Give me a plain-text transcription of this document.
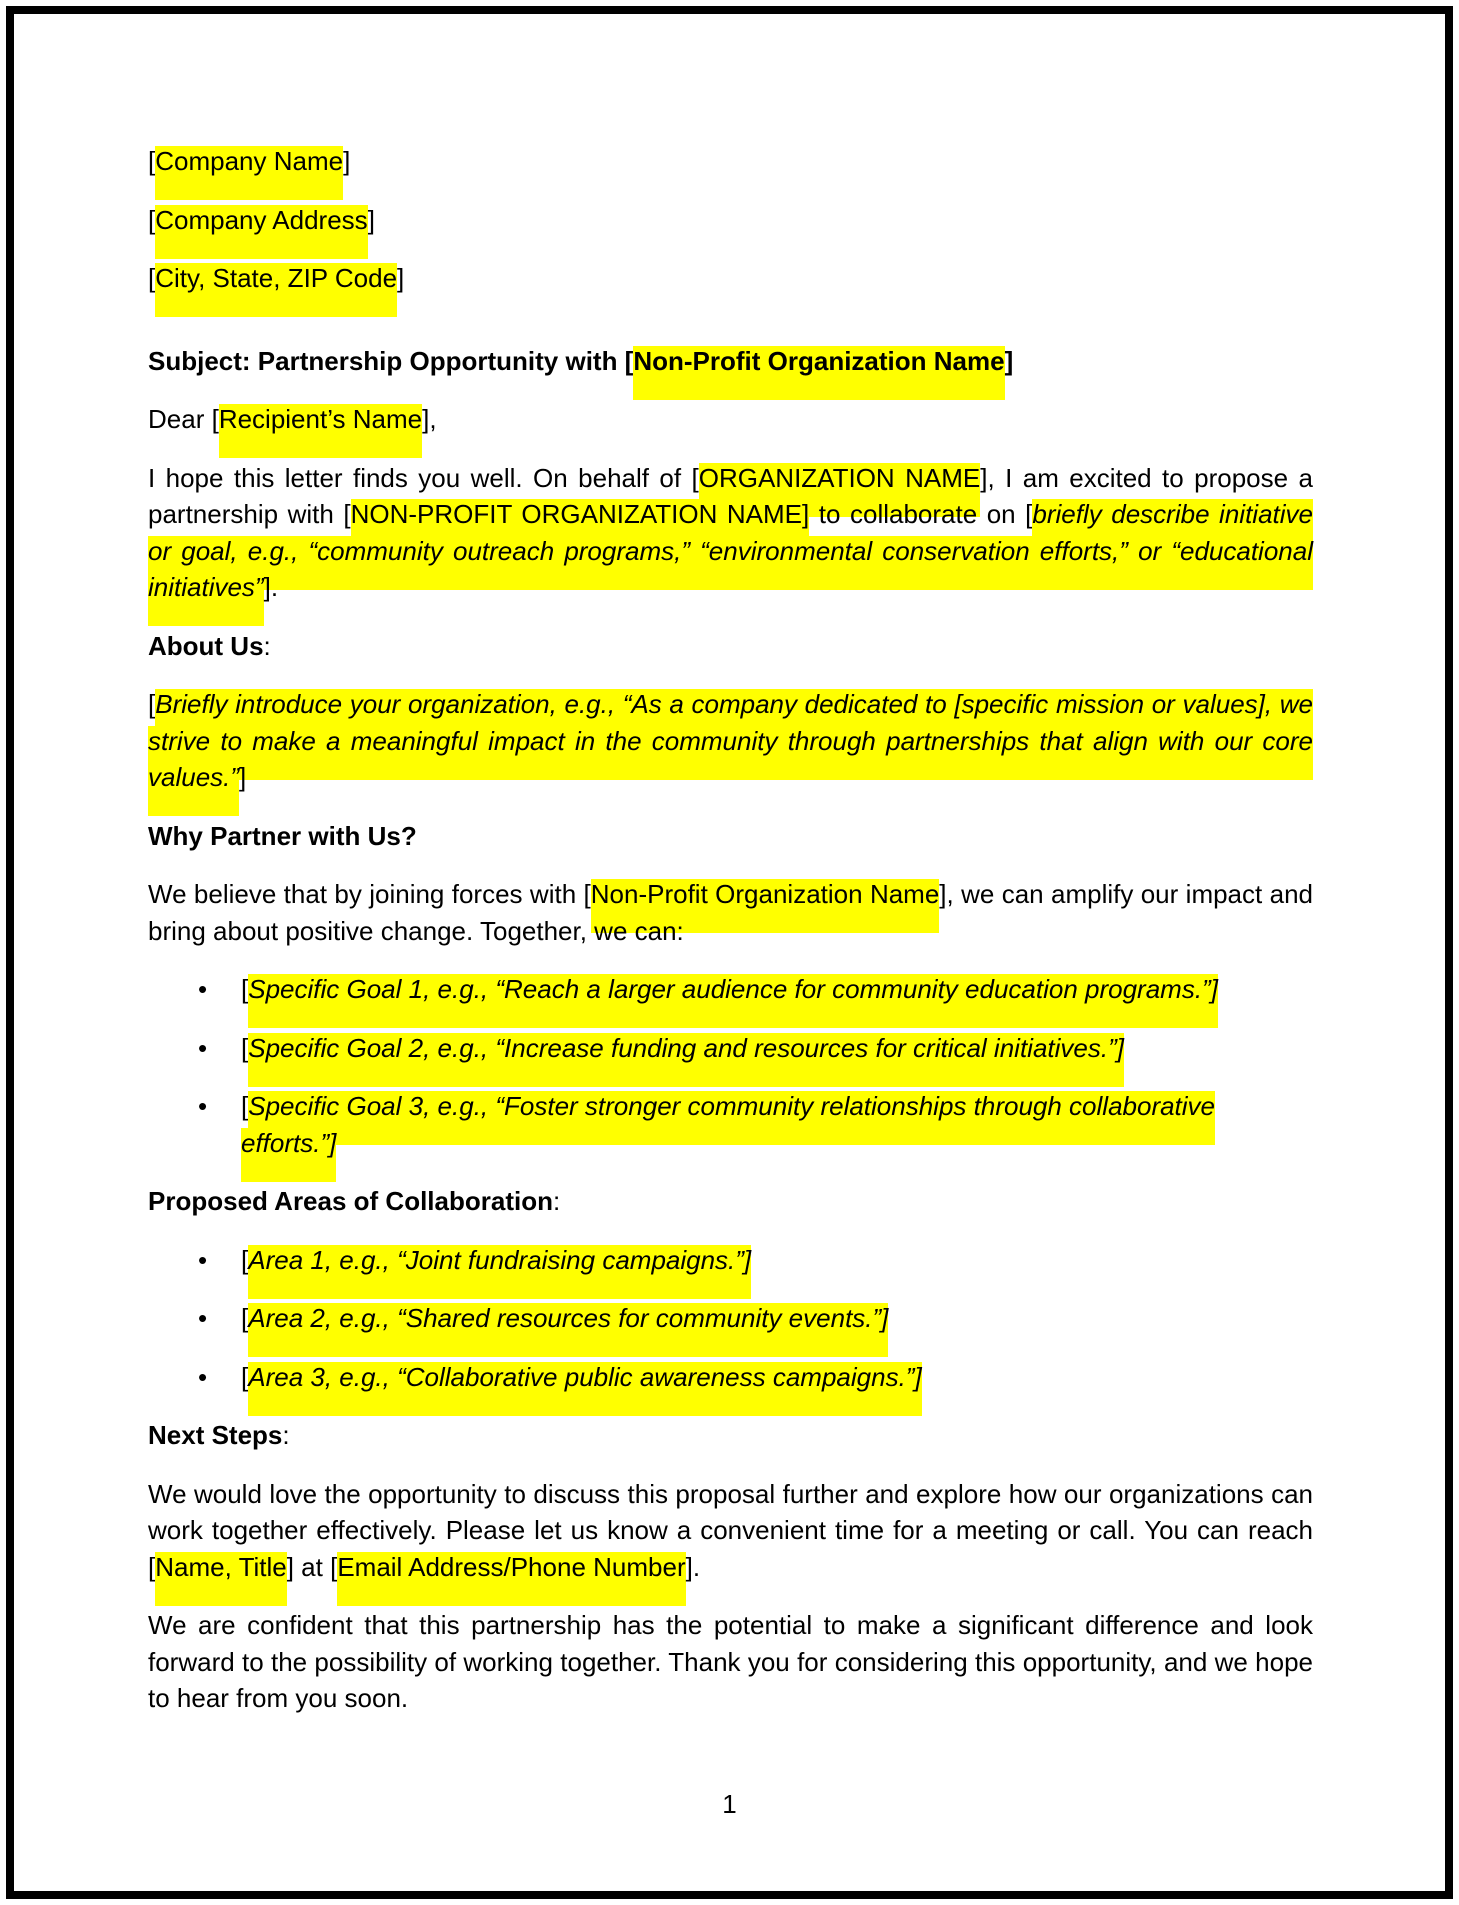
[Company Name]

[Company Address]

[City, State, ZIP Code]

Subject: Partnership Opportunity with [Non-Profit Organization Name]

Dear [Recipient’s Name],

I hope this letter finds you well. On behalf of [ORGANIZATION NAME], I am excited to propose a partnership with [NON-PROFIT ORGANIZATION NAME] to collaborate on [briefly describe initiative or goal, e.g., “community outreach programs,” “environmental conservation efforts,” or “educational initiatives”].

About Us:

[Briefly introduce your organization, e.g., “As a company dedicated to [specific mission or values], we strive to make a meaningful impact in the community through partnerships that align with our core values.”]

Why Partner with Us?

We believe that by joining forces with [Non-Profit Organization Name], we can amplify our impact and bring about positive change. Together, we can:

• [Specific Goal 1, e.g., “Reach a larger audience for community education programs.”]
• [Specific Goal 2, e.g., “Increase funding and resources for critical initiatives.”]
• [Specific Goal 3, e.g., “Foster stronger community relationships through collaborative efforts.”]

Proposed Areas of Collaboration:

• [Area 1, e.g., “Joint fundraising campaigns.”]
• [Area 2, e.g., “Shared resources for community events.”]
• [Area 3, e.g., “Collaborative public awareness campaigns.”]

Next Steps:

We would love the opportunity to discuss this proposal further and explore how our organizations can work together effectively. Please let us know a convenient time for a meeting or call. You can reach [Name, Title] at [Email Address/Phone Number].

We are confident that this partnership has the potential to make a significant difference and look forward to the possibility of working together. Thank you for considering this opportunity, and we hope to hear from you soon.

1
